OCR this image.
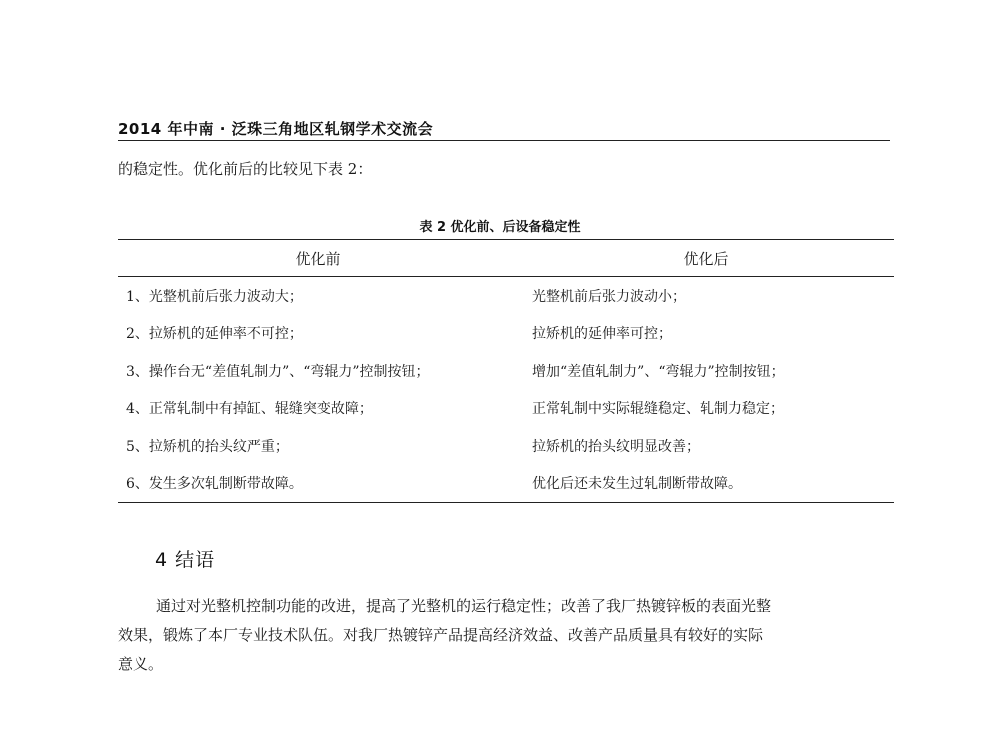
2014 年中南 · 泛珠三角地区轧钢学术交流会
的稳定性。优化前后的比较见下表 2：
表 2 优化前、后设备稳定性
优化前	优化后
1、光整机前后张力波动大；	光整机前后张力波动小；
2、拉矫机的延伸率不可控；	拉矫机的延伸率可控；
3、操作台无“差值轧制力”、“弯辊力”控制按钮；	增加“差值轧制力”、“弯辊力”控制按钮；
4、正常轧制中有掉缸、辊缝突变故障；	正常轧制中实际辊缝稳定、轧制力稳定；
5、拉矫机的抬头纹严重；	拉矫机的抬头纹明显改善；
6、发生多次轧制断带故障。	优化后还未发生过轧制断带故障。
4 结语
通过对光整机控制功能的改进，提高了光整机的运行稳定性；改善了我厂热镀锌板的表面光整
效果，锻炼了本厂专业技术队伍。对我厂热镀锌产品提高经济效益、改善产品质量具有较好的实际
意义。
